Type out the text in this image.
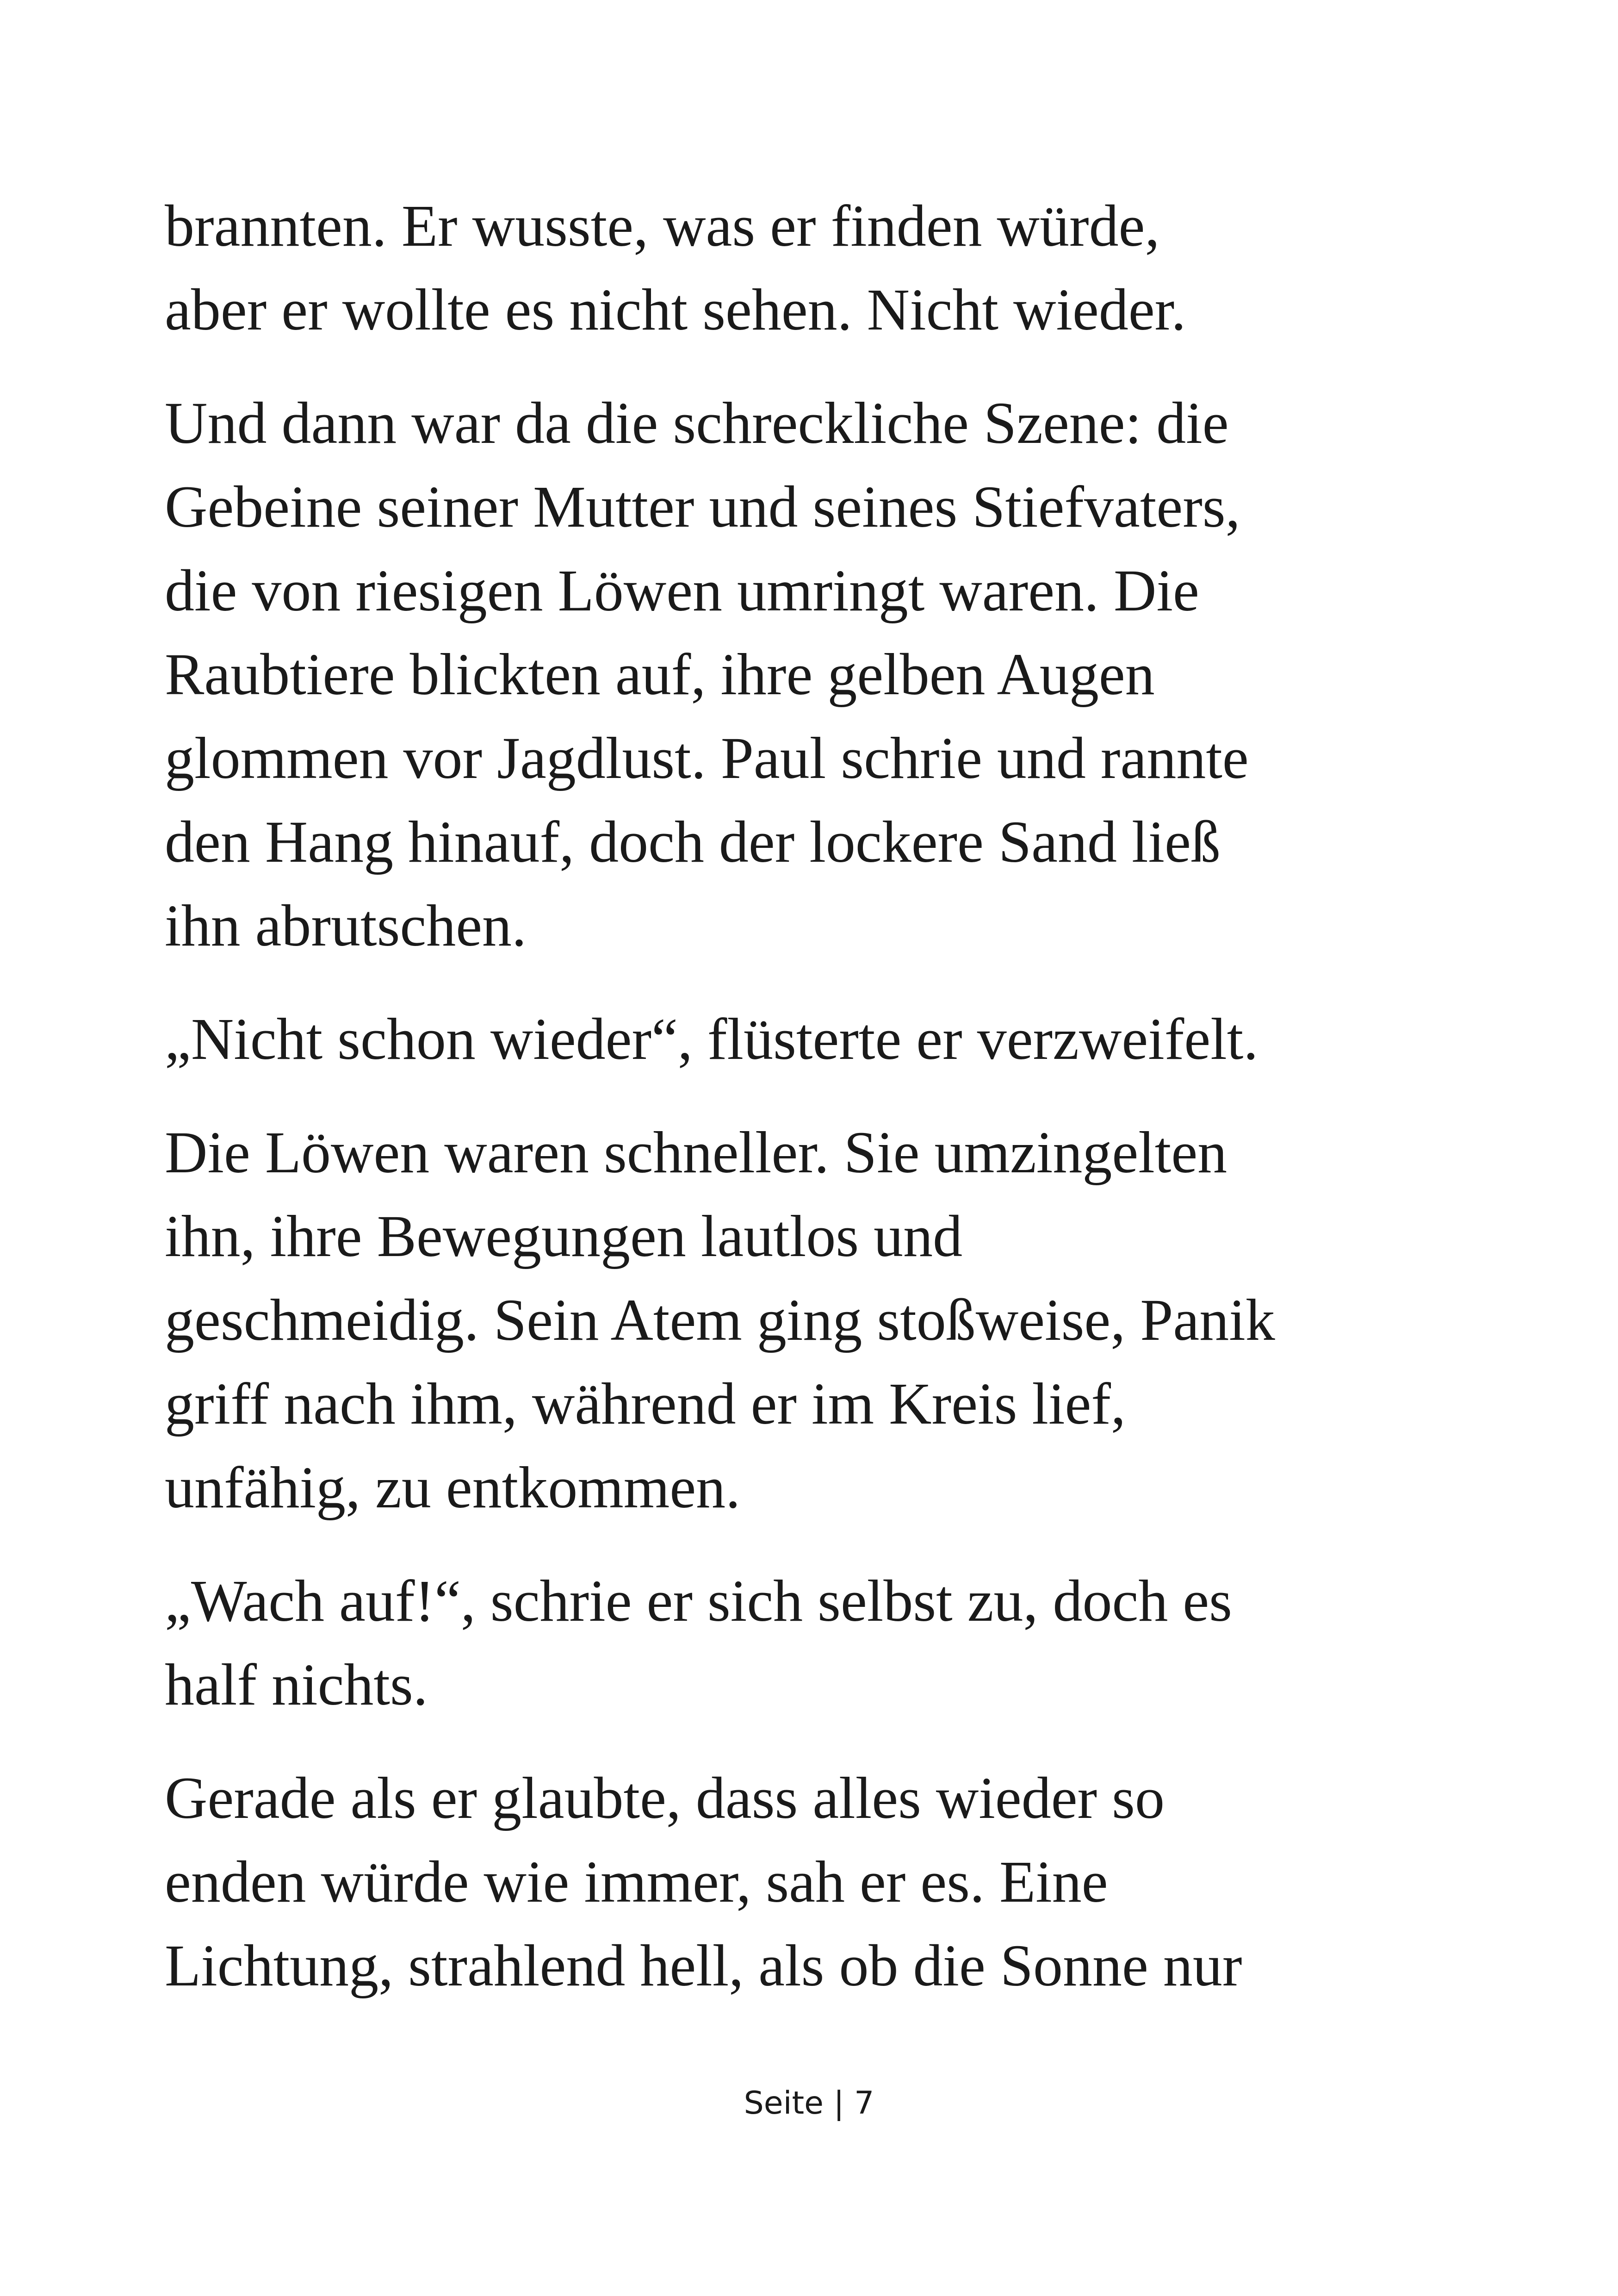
brannten. Er wusste, was er finden würde,
aber er wollte es nicht sehen. Nicht wieder.

Und dann war da die schreckliche Szene: die
Gebeine seiner Mutter und seines Stiefvaters,
die von riesigen Löwen umringt waren. Die
Raubtiere blickten auf, ihre gelben Augen
glommen vor Jagdlust. Paul schrie und rannte
den Hang hinauf, doch der lockere Sand ließ
ihn abrutschen.

„Nicht schon wieder“, flüsterte er verzweifelt.

Die Löwen waren schneller. Sie umzingelten
ihn, ihre Bewegungen lautlos und
geschmeidig. Sein Atem ging stoßweise, Panik
griff nach ihm, während er im Kreis lief,
unfähig, zu entkommen.

„Wach auf!“, schrie er sich selbst zu, doch es
half nichts.

Gerade als er glaubte, dass alles wieder so
enden würde wie immer, sah er es. Eine
Lichtung, strahlend hell, als ob die Sonne nur

Seite | 7
